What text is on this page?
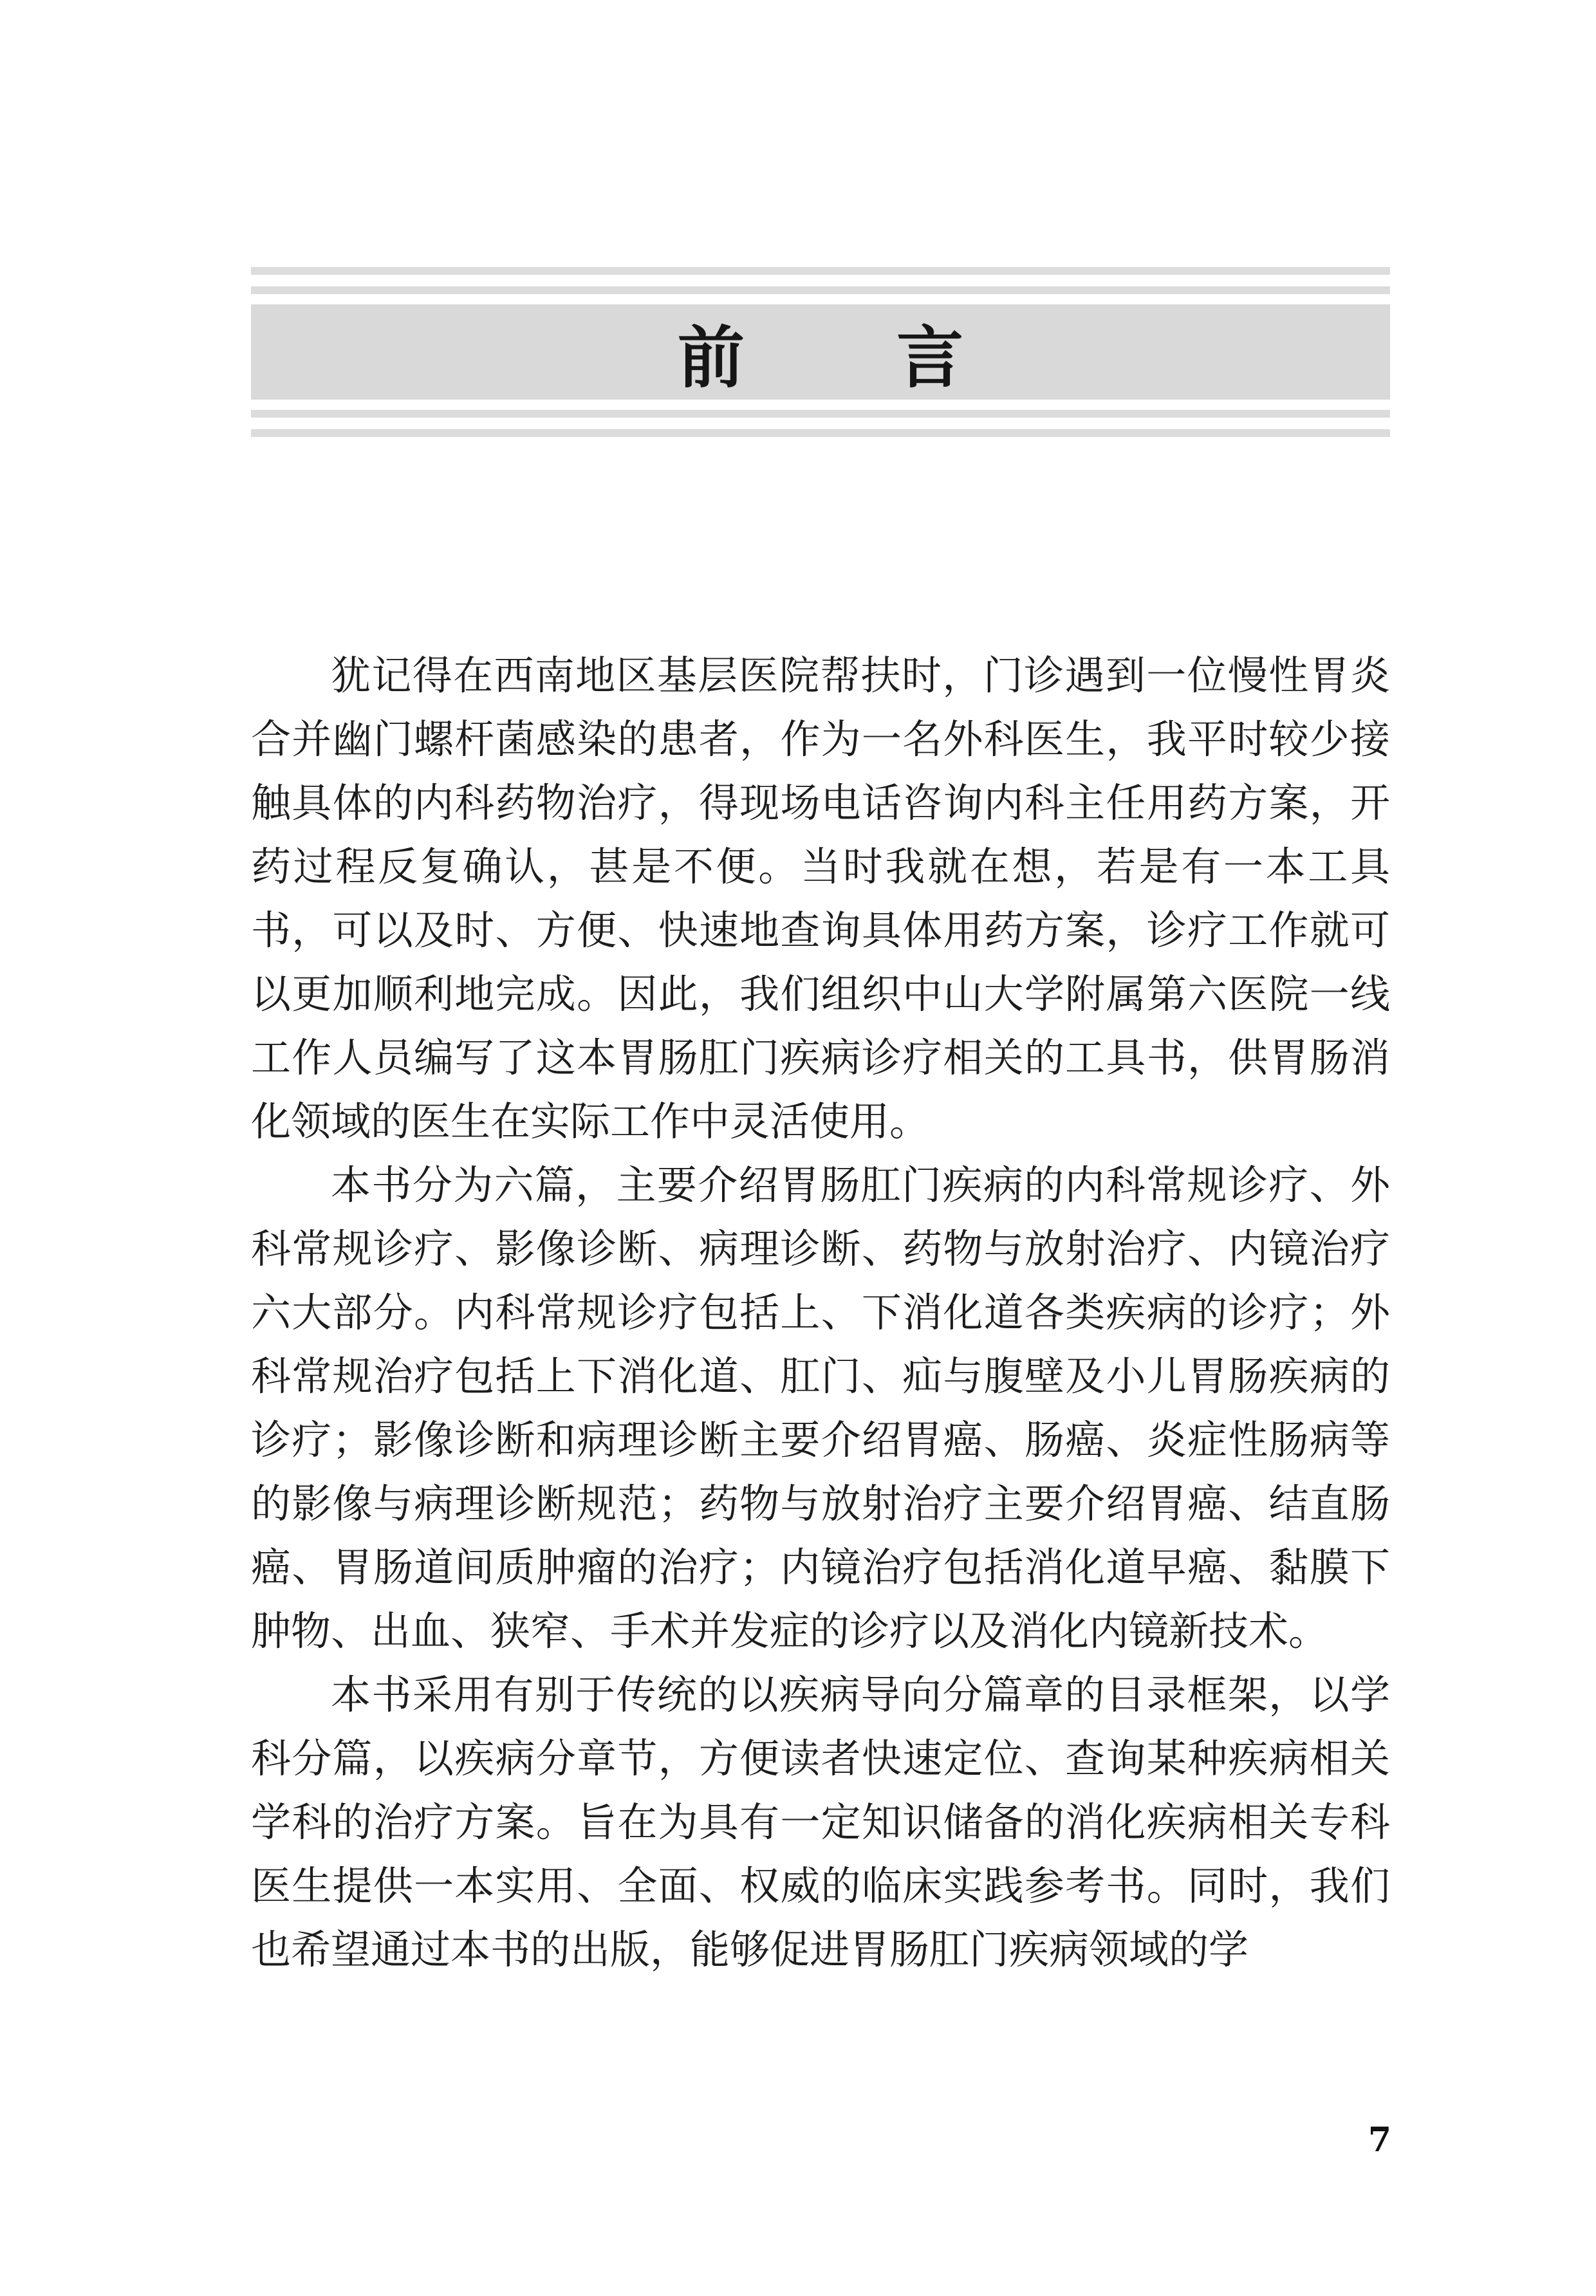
前 言

犹记得在西南地区基层医院帮扶时，门诊遇到一位慢性胃炎合并幽门螺杆菌感染的患者，作为一名外科医生，我平时较少接触具体的内科药物治疗，得现场电话咨询内科主任用药方案，开药过程反复确认，甚是不便。当时我就在想，若是有一本工具书，可以及时、方便、快速地查询具体用药方案，诊疗工作就可以更加顺利地完成。因此，我们组织中山大学附属第六医院一线工作人员编写了这本胃肠肛门疾病诊疗相关的工具书，供胃肠消化领域的医生在实际工作中灵活使用。

本书分为六篇，主要介绍胃肠肛门疾病的内科常规诊疗、外科常规诊疗、影像诊断、病理诊断、药物与放射治疗、内镜治疗六大部分。内科常规诊疗包括上、下消化道各类疾病的诊疗；外科常规治疗包括上下消化道、肛门、疝与腹壁及小儿胃肠疾病的诊疗；影像诊断和病理诊断主要介绍胃癌、肠癌、炎症性肠病等的影像与病理诊断规范；药物与放射治疗主要介绍胃癌、结直肠癌、胃肠道间质肿瘤的治疗；内镜治疗包括消化道早癌、黏膜下肿物、出血、狭窄、手术并发症的诊疗以及消化内镜新技术。

本书采用有别于传统的以疾病导向分篇章的目录框架，以学科分篇，以疾病分章节，方便读者快速定位、查询某种疾病相关学科的治疗方案。旨在为具有一定知识储备的消化疾病相关专科医生提供一本实用、全面、权威的临床实践参考书。同时，我们也希望通过本书的出版，能够促进胃肠肛门疾病领域的学

7
